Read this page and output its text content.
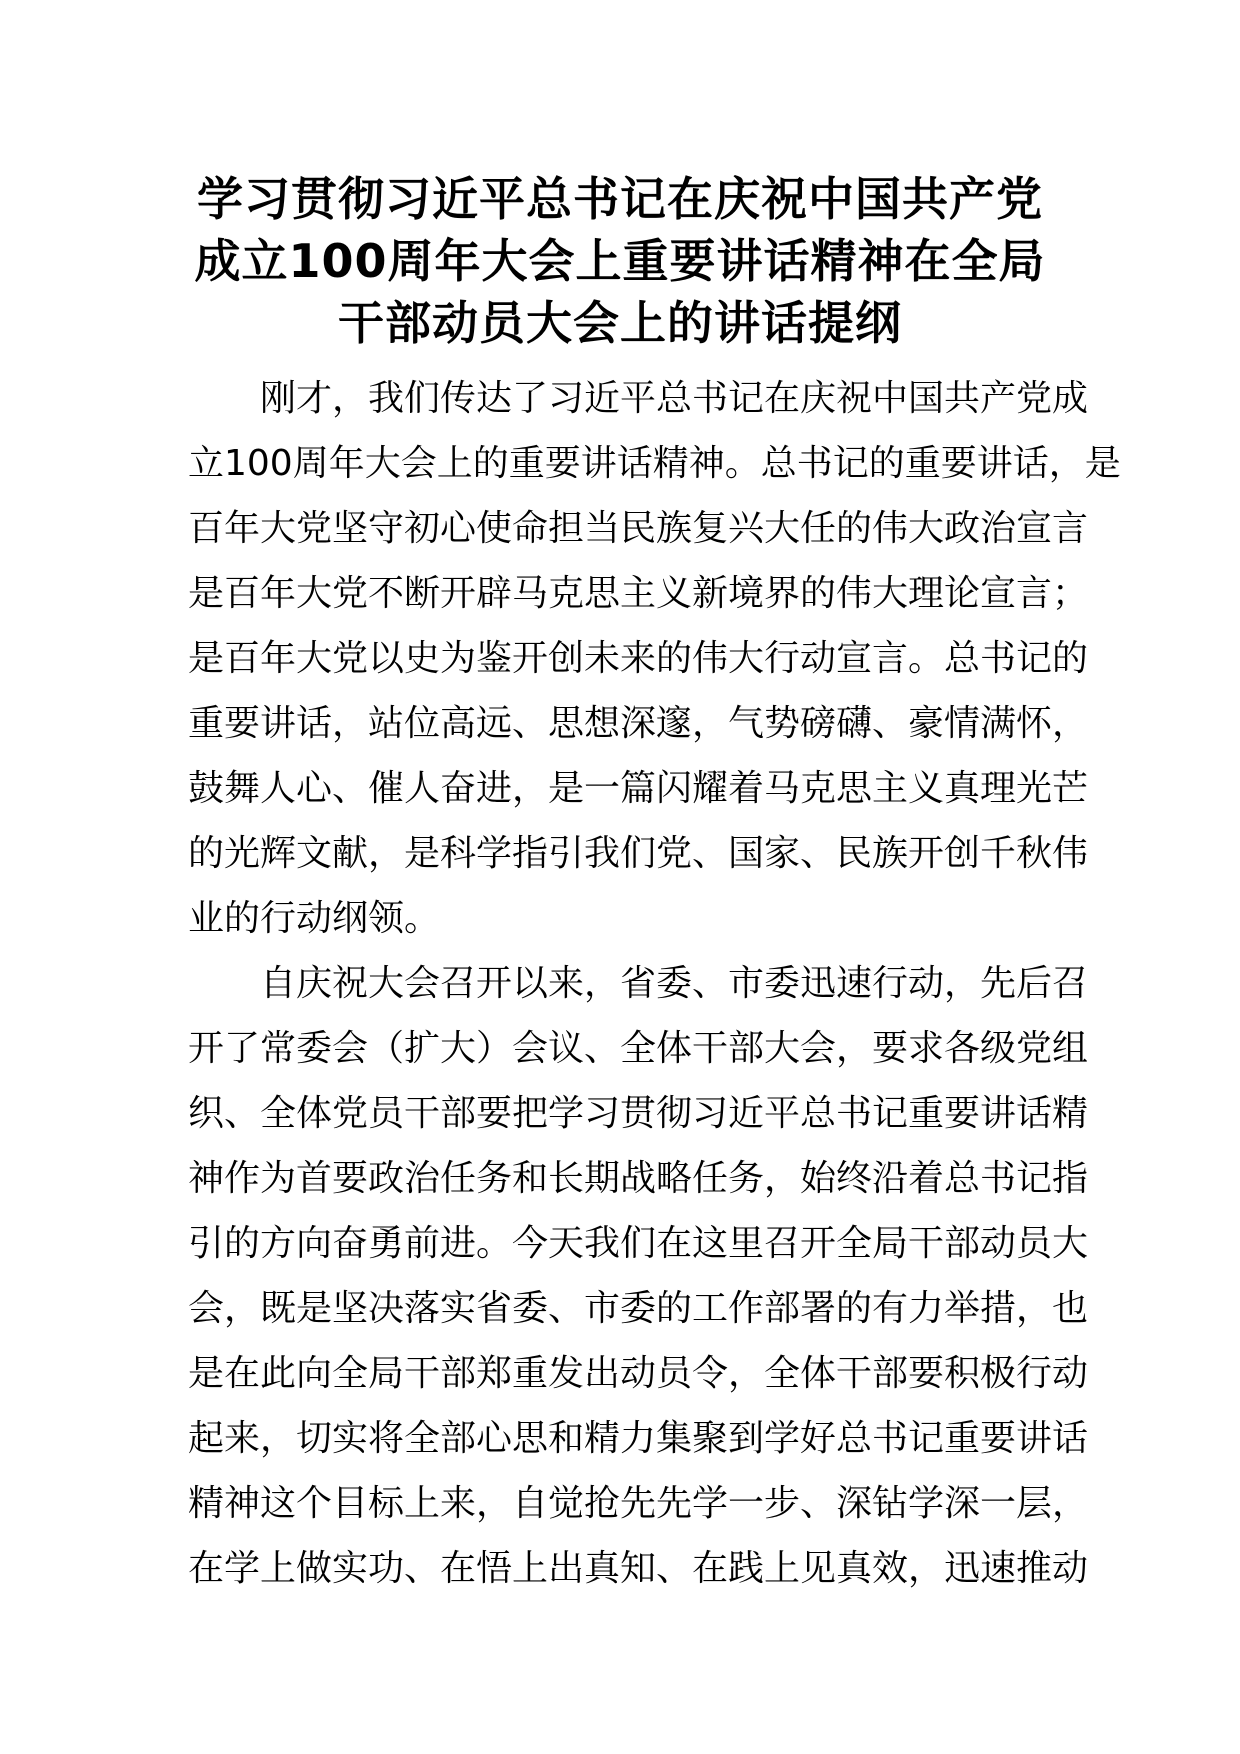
学习贯彻习近平总书记在庆祝中国共产党
成立100周年大会上重要讲话精神在全局
干部动员大会上的讲话提纲

刚才，我们传达了习近平总书记在庆祝中国共产党成
立100周年大会上的重要讲话精神。总书记的重要讲话，是
百年大党坚守初心使命担当民族复兴大任的伟大政治宣言
是百年大党不断开辟马克思主义新境界的伟大理论宣言；
是百年大党以史为鉴开创未来的伟大行动宣言。总书记的
重要讲话，站位高远、思想深邃，气势磅礴、豪情满怀，
鼓舞人心、催人奋进，是一篇闪耀着马克思主义真理光芒
的光辉文献，是科学指引我们党、国家、民族开创千秋伟
业的行动纲领。

自庆祝大会召开以来，省委、市委迅速行动，先后召
开了常委会（扩大）会议、全体干部大会，要求各级党组
织、全体党员干部要把学习贯彻习近平总书记重要讲话精
神作为首要政治任务和长期战略任务，始终沿着总书记指
引的方向奋勇前进。今天我们在这里召开全局干部动员大
会，既是坚决落实省委、市委的工作部署的有力举措，也
是在此向全局干部郑重发出动员令，全体干部要积极行动
起来，切实将全部心思和精力集聚到学好总书记重要讲话
精神这个目标上来，自觉抢先先学一步、深钻学深一层，
在学上做实功、在悟上出真知、在践上见真效，迅速推动
